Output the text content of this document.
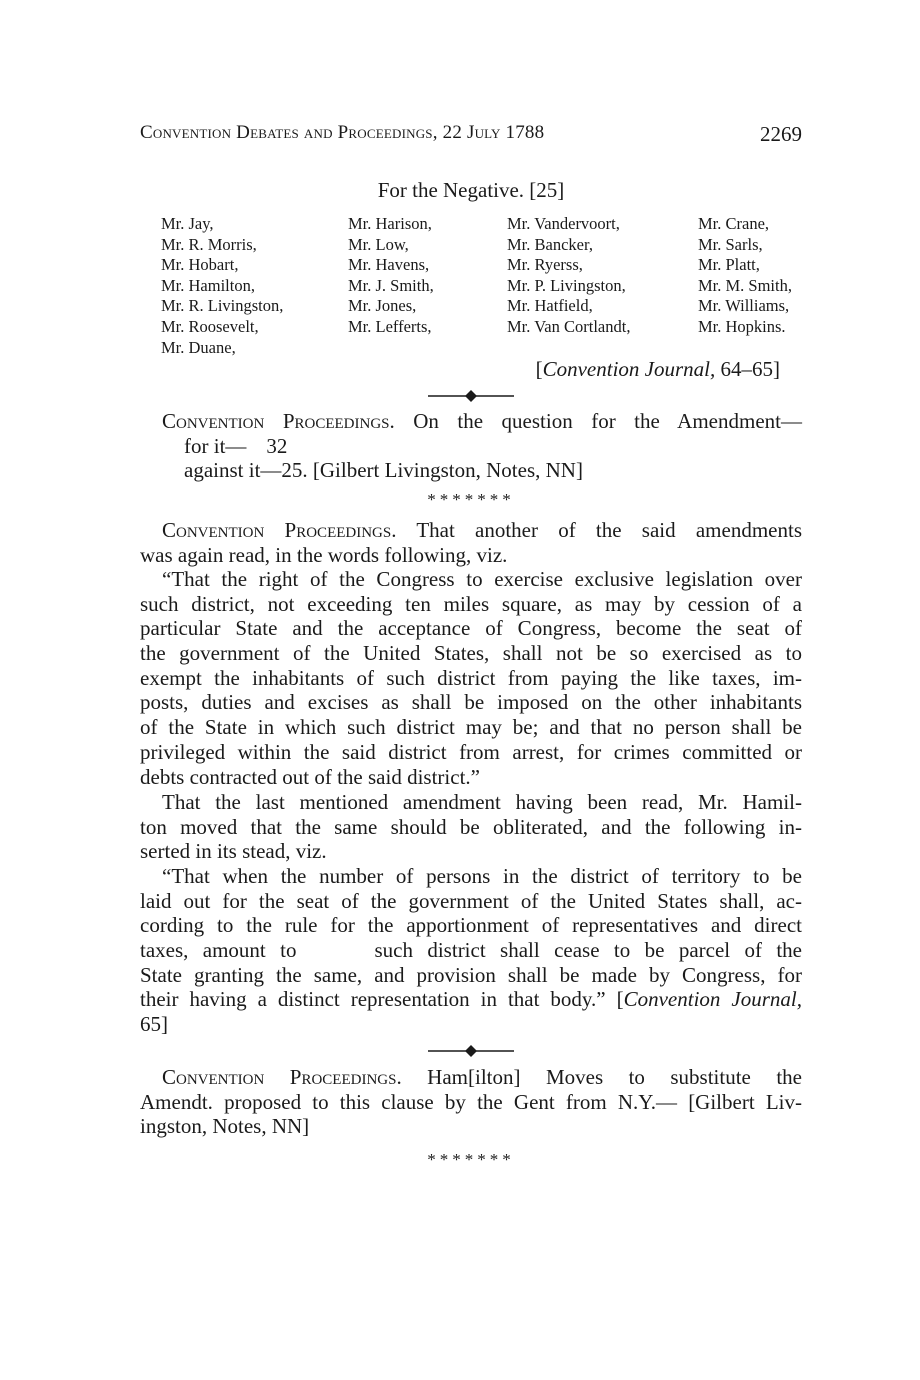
Convention Debates and Proceedings, 22 July 1788	2269
For the Negative. [25]
Mr. Jay,
Mr. R. Morris,
Mr. Hobart,
Mr. Hamilton,
Mr. R. Livingston,
Mr. Roosevelt,
Mr. Duane,
Mr. Harison,
Mr. Low,
Mr. Havens,
Mr. J. Smith,
Mr. Jones,
Mr. Lefferts,
Mr. Vandervoort,
Mr. Bancker,
Mr. Ryerss,
Mr. P. Livingston,
Mr. Hatfield,
Mr. Van Cortlandt,
Mr. Crane,
Mr. Sarls,
Mr. Platt,
Mr. M. Smith,
Mr. Williams,
Mr. Hopkins.
[Convention Journal, 64–65]
Convention Proceedings. On the question for the Amendment—
for it— 32
against it—25. [Gilbert Livingston, Notes, NN]
*******
Convention Proceedings. That another of the said amendments
was again read, in the words following, viz.
“That the right of the Congress to exercise exclusive legislation over
such district, not exceeding ten miles square, as may by cession of a
particular State and the acceptance of Congress, become the seat of
the government of the United States, shall not be so exercised as to
exempt the inhabitants of such district from paying the like taxes, im-
posts, duties and excises as shall be imposed on the other inhabitants
of the State in which such district may be; and that no person shall be
privileged within the said district from arrest, for crimes committed or
debts contracted out of the said district.”
That the last mentioned amendment having been read, Mr. Hamil-
ton moved that the same should be obliterated, and the following in-
serted in its stead, viz.
“That when the number of persons in the district of territory to be
laid out for the seat of the government of the United States shall, ac-
cording to the rule for the apportionment of representatives and direct
taxes, amount to	such district shall cease to be parcel of the
State granting the same, and provision shall be made by Congress, for
their having a distinct representation in that body.” [Convention Journal,
65]
Convention Proceedings. Ham[ilton] Moves to substitute the
Amendt. proposed to this clause by the Gent from N.Y.— [Gilbert Liv-
ingston, Notes, NN]
*******
